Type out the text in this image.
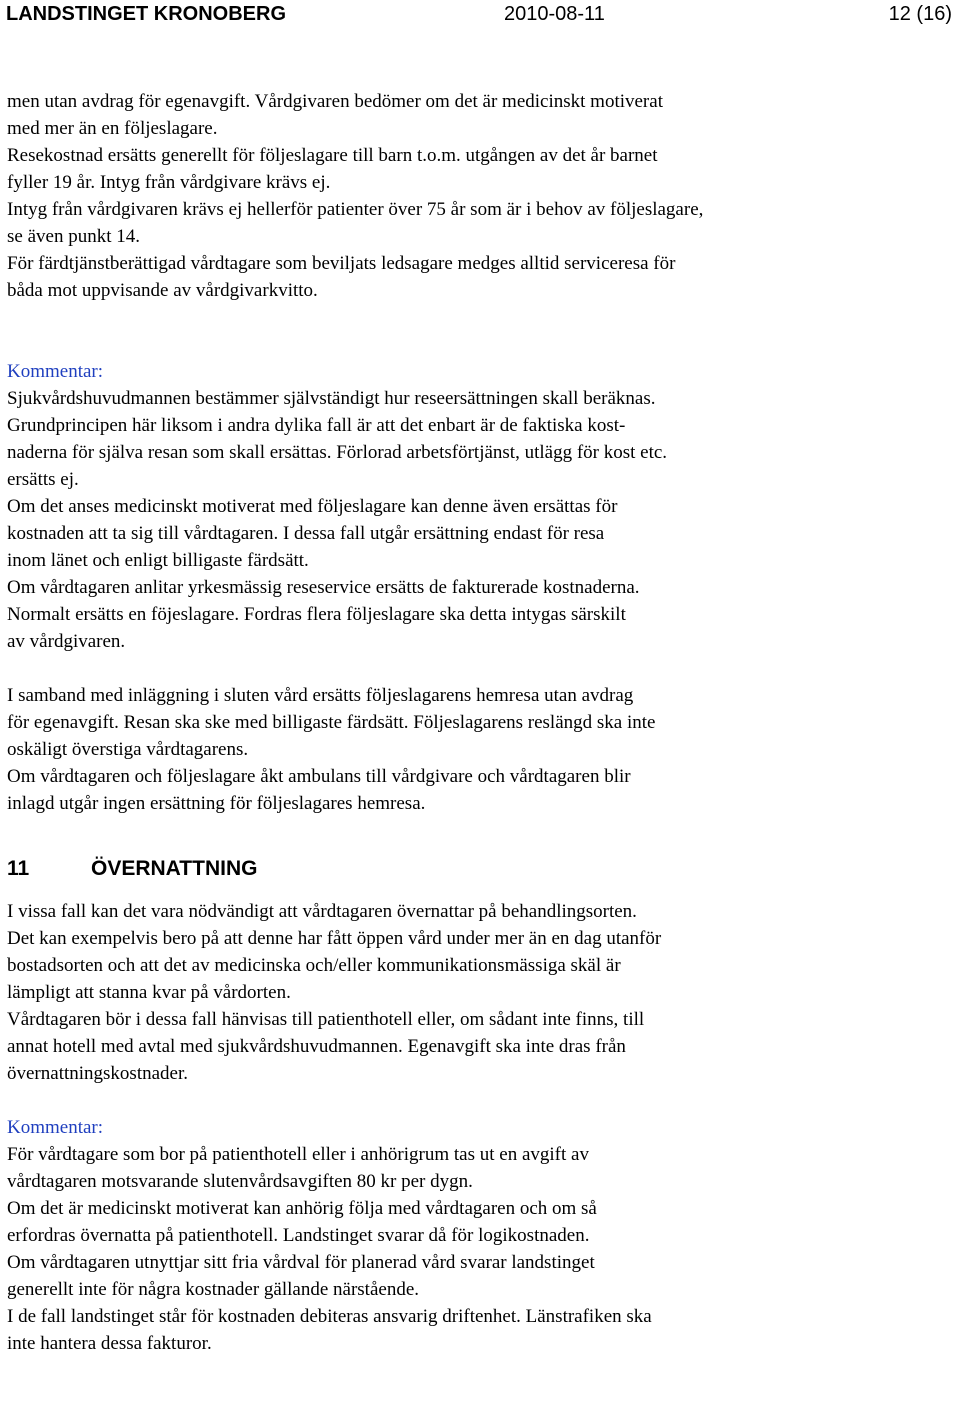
LANDSTINGET KRONOBERG	2010-08-11	12 (16)

men utan avdrag för egenavgift. Vårdgivaren bedömer om det är medicinskt motiverat
med mer än en följeslagare.
Resekostnad ersätts generellt för följeslagare till barn t.o.m. utgången av det år barnet
fyller 19 år. Intyg från vårdgivare krävs ej.
Intyg från vårdgivaren krävs ej hellerför patienter över 75 år som är i behov av följeslagare,
se även punkt 14.
För färdtjänstberättigad vårdtagare som beviljats ledsagare medges alltid serviceresa för
båda mot uppvisande av vårdgivarkvitto.

Kommentar:
Sjukvårdshuvudmannen bestämmer självständigt hur reseersättningen skall beräknas.
Grundprincipen här liksom i andra dylika fall är att det enbart är de faktiska kost-
naderna för själva resan som skall ersättas. Förlorad arbetsförtjänst, utlägg för kost etc.
ersätts ej.
Om det anses medicinskt motiverat med följeslagare kan denne även ersättas för
kostnaden att ta sig till vårdtagaren. I dessa fall utgår ersättning endast för resa
inom länet och enligt billigaste färdsätt.
Om vårdtagaren anlitar yrkesmässig reseservice ersätts de fakturerade kostnaderna.
Normalt ersätts en föjeslagare. Fordras flera följeslagare ska detta intygas särskilt
av vårdgivaren.

I samband med inläggning i sluten vård ersätts följeslagarens hemresa utan avdrag
för egenavgift. Resan ska ske med billigaste färdsätt. Följeslagarens reslängd ska inte
oskäligt överstiga vårdtagarens.
Om vårdtagaren och följeslagare åkt ambulans till vårdgivare och vårdtagaren blir
inlagd utgår ingen ersättning för följeslagares hemresa.

11	ÖVERNATTNING

I vissa fall kan det vara nödvändigt att vårdtagaren övernattar på behandlingsorten.
Det kan exempelvis bero på att denne har fått öppen vård under mer än en dag utanför
bostadsorten och att det av medicinska och/eller kommunikationsmässiga skäl är
lämpligt att stanna kvar på vårdorten.
Vårdtagaren bör i dessa fall hänvisas till patienthotell eller, om sådant inte finns, till
annat hotell med avtal med sjukvårdshuvudmannen. Egenavgift ska inte dras från
övernattningskostnader.

Kommentar:
För vårdtagare som bor på patienthotell eller i anhörigrum tas ut en avgift av
vårdtagaren motsvarande slutenvårdsavgiften 80 kr per dygn.
Om det är medicinskt motiverat kan anhörig följa med vårdtagaren och om så
erfordras övernatta på patienthotell. Landstinget svarar då för logikostnaden.
Om vårdtagaren utnyttjar sitt fria vårdval för planerad vård svarar landstinget
generellt inte för några kostnader gällande närstående.
I de fall landstinget står för kostnaden debiteras ansvarig driftenhet. Länstrafiken ska
inte hantera dessa fakturor.
